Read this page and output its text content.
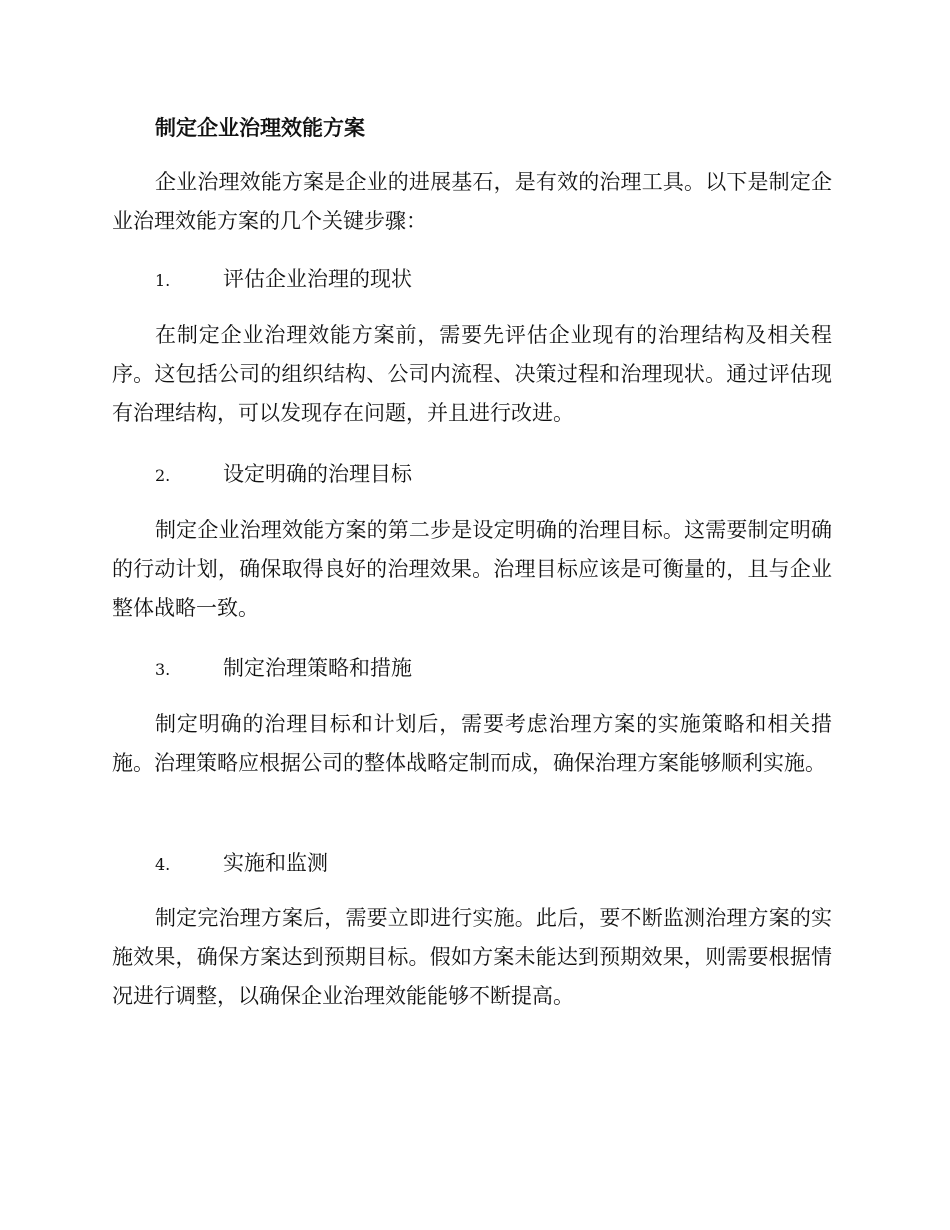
制定企业治理效能方案

企业治理效能方案是企业的进展基石，是有效的治理工具。以下是制定企业治理效能方案的几个关键步骤：

1.	评估企业治理的现状

在制定企业治理效能方案前，需要先评估企业现有的治理结构及相关程序。这包括公司的组织结构、公司内流程、决策过程和治理现状。通过评估现有治理结构，可以发现存在问题，并且进行改进。

2.	设定明确的治理目标

制定企业治理效能方案的第二步是设定明确的治理目标。这需要制定明确的行动计划，确保取得良好的治理效果。治理目标应该是可衡量的，且与企业整体战略一致。

3.	制定治理策略和措施

制定明确的治理目标和计划后，需要考虑治理方案的实施策略和相关措施。治理策略应根据公司的整体战略定制而成，确保治理方案能够顺利实施。

4.	实施和监测

制定完治理方案后，需要立即进行实施。此后，要不断监测治理方案的实施效果，确保方案达到预期目标。假如方案未能达到预期效果，则需要根据情况进行调整，以确保企业治理效能能够不断提高。
